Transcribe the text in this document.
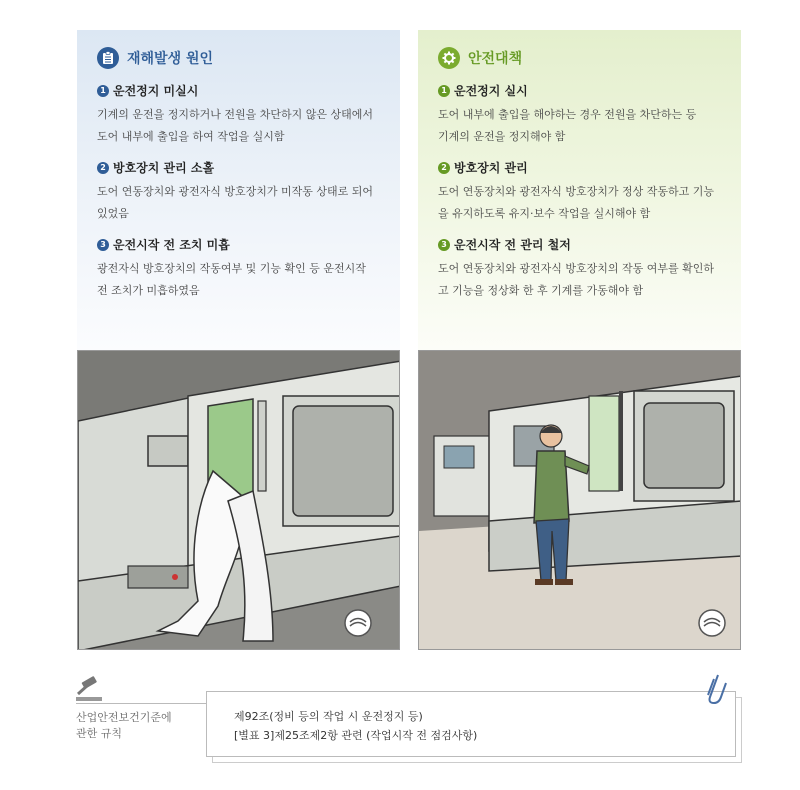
재해발생 원인
1 운전정지 미실시
기계의 운전을 정지하거나 전원을 차단하지 않은 상태에서
도어 내부에 출입을 하여 작업을 실시함
2 방호장치 관리 소홀
도어 연동장치와 광전자식 방호장치가 미작동 상태로 되어
있었음
3 운전시작 전 조치 미흡
광전자식 방호장치의 작동여부 및 기능 확인 등 운전시작
전 조치가 미흡하였음
안전대책
1 운전정지 실시
도어 내부에 출입을 해야하는 경우 전원을 차단하는 등
기계의 운전을 정지해야 함
2 방호장치 관리
도어 연동장치와 광전자식 방호장치가 정상 작동하고 기능
을 유지하도록 유지·보수 작업을 실시해야 함
3 운전시작 전 관리 철저
도어 연동장치와 광전자식 방호장치의 작동 여부를 확인하
고 기능을 정상화 한 후 기계를 가동해야 함
산업안전보건기준에
관한 규칙
제92조(정비 등의 작업 시 운전정지 등)
[별표 3]제25조제2항 관련 (작업시작 전 점검사항)
